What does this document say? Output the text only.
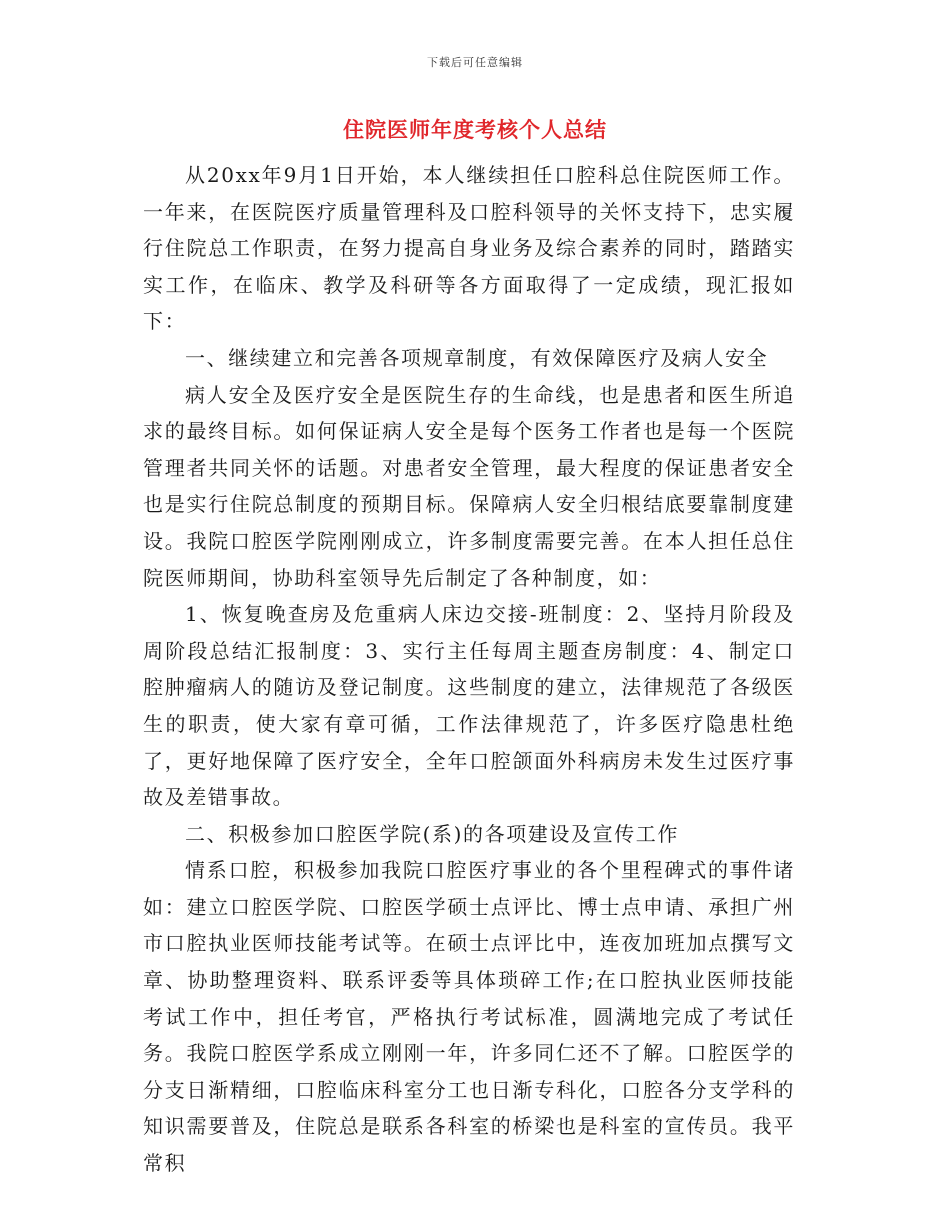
下载后可任意编辑
住院医师年度考核个人总结

从20xx年9月1日开始，本人继续担任口腔科总住院医师工作。一年来，在医院医疗质量管理科及口腔科领导的关怀支持下，忠实履行住院总工作职责，在努力提高自身业务及综合素养的同时，踏踏实实工作，在临床、教学及科研等各方面取得了一定成绩，现汇报如下：

一、继续建立和完善各项规章制度，有效保障医疗及病人安全

病人安全及医疗安全是医院生存的生命线，也是患者和医生所追求的最终目标。如何保证病人安全是每个医务工作者也是每一个医院管理者共同关怀的话题。对患者安全管理，最大程度的保证患者安全也是实行住院总制度的预期目标。保障病人安全归根结底要靠制度建设。我院口腔医学院刚刚成立，许多制度需要完善。在本人担任总住院医师期间，协助科室领导先后制定了各种制度，如：

1、恢复晚查房及危重病人床边交接-班制度：2、坚持月阶段及周阶段总结汇报制度：3、实行主任每周主题查房制度：4、制定口腔肿瘤病人的随访及登记制度。这些制度的建立，法律规范了各级医生的职责，使大家有章可循，工作法律规范了，许多医疗隐患杜绝了，更好地保障了医疗安全，全年口腔颌面外科病房未发生过医疗事故及差错事故。

二、积极参加口腔医学院(系)的各项建设及宣传工作

情系口腔，积极参加我院口腔医疗事业的各个里程碑式的事件诸如：建立口腔医学院、口腔医学硕士点评比、博士点申请、承担广州市口腔执业医师技能考试等。在硕士点评比中，连夜加班加点撰写文章、协助整理资料、联系评委等具体琐碎工作;在口腔执业医师技能考试工作中，担任考官，严格执行考试标准，圆满地完成了考试任务。我院口腔医学系成立刚刚一年，许多同仁还不了解。口腔医学的分支日渐精细，口腔临床科室分工也日渐专科化，口腔各分支学科的知识需要普及，住院总是联系各科室的桥梁也是科室的宣传员。我平常积
